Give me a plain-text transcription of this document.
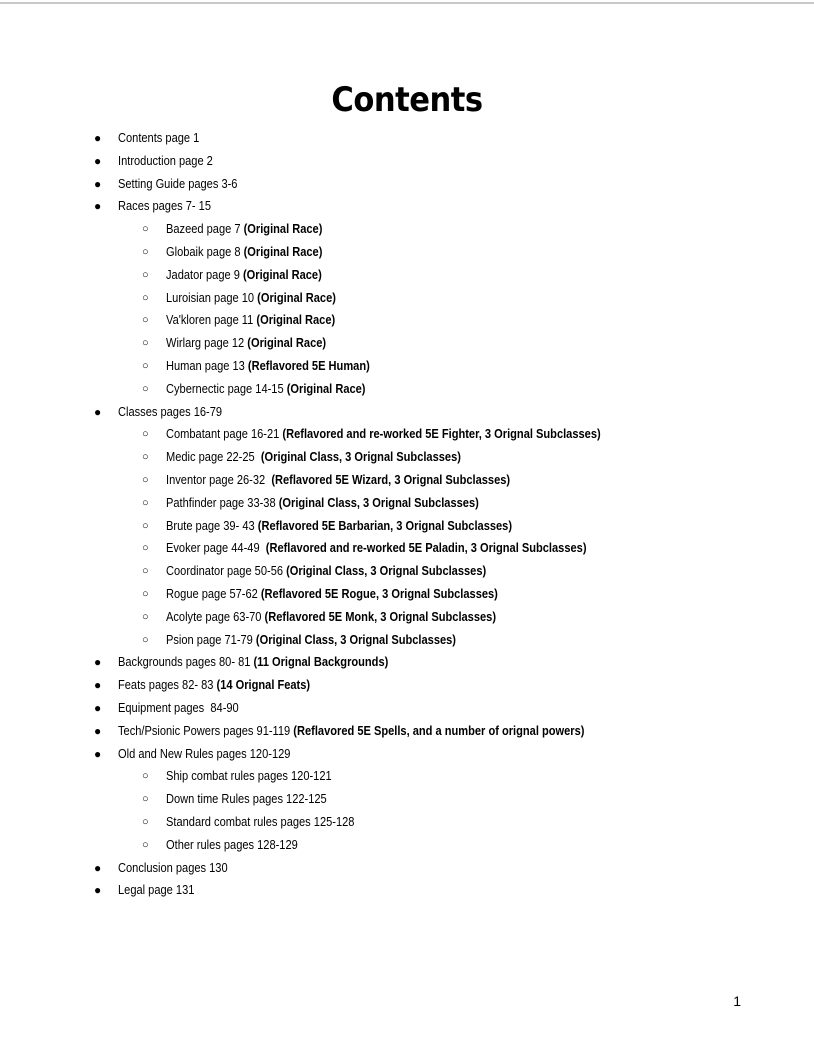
Contents
● Contents page 1
● Introduction page 2
● Setting Guide pages 3-6
● Races pages 7- 15
○ Bazeed page 7 (Original Race)
○ Globaik page 8 (Original Race)
○ Jadator page 9 (Original Race)
○ Luroisian page 10 (Original Race)
○ Va'kloren page 11 (Original Race)
○ Wirlarg page 12 (Original Race)
○ Human page 13 (Reflavored 5E Human)
○ Cybernectic page 14-15 (Original Race)
● Classes pages 16-79
○ Combatant page 16-21 (Reflavored and re-worked 5E Fighter, 3 Orignal Subclasses)
○ Medic page 22-25  (Original Class, 3 Orignal Subclasses)
○ Inventor page 26-32  (Reflavored 5E Wizard, 3 Orignal Subclasses)
○ Pathfinder page 33-38 (Original Class, 3 Orignal Subclasses)
○ Brute page 39- 43 (Reflavored 5E Barbarian, 3 Orignal Subclasses)
○ Evoker page 44-49  (Reflavored and re-worked 5E Paladin, 3 Orignal Subclasses)
○ Coordinator page 50-56 (Original Class, 3 Orignal Subclasses)
○ Rogue page 57-62 (Reflavored 5E Rogue, 3 Orignal Subclasses)
○ Acolyte page 63-70 (Reflavored 5E Monk, 3 Orignal Subclasses)
○ Psion page 71-79 (Original Class, 3 Orignal Subclasses)
● Backgrounds pages 80- 81 (11 Orignal Backgrounds)
● Feats pages 82- 83 (14 Orignal Feats)
● Equipment pages  84-90
● Tech/Psionic Powers pages 91-119 (Reflavored 5E Spells, and a number of orignal powers)
● Old and New Rules pages 120-129
○ Ship combat rules pages 120-121
○ Down time Rules pages 122-125
○ Standard combat rules pages 125-128
○ Other rules pages 128-129
● Conclusion pages 130
● Legal page 131
1
